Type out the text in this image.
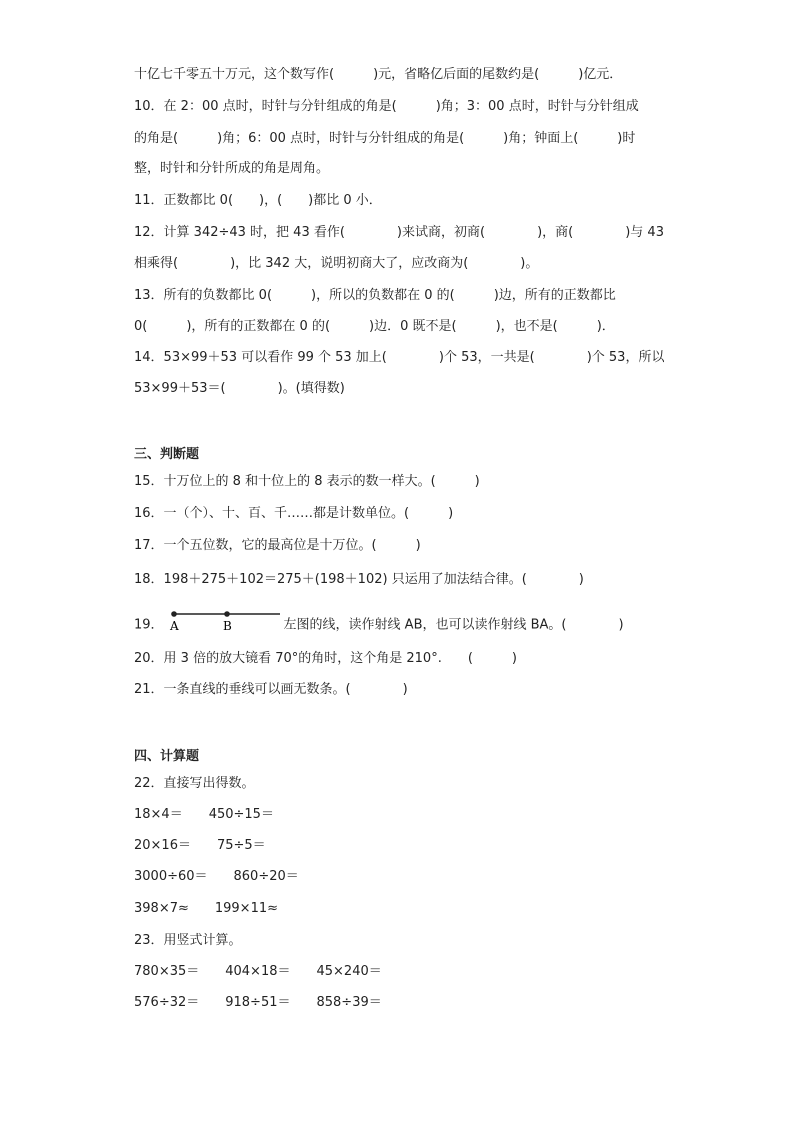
十亿七千零五十万元，这个数写作(　　　)元，省略亿后面的尾数约是(　　　)亿元．
10．在 2：00 点时，时针与分针组成的角是(　　　)角；3：00 点时，时针与分针组成
的角是(　　　)角；6：00 点时，时针与分针组成的角是(　　　)角；钟面上(　　　)时
整，时针和分针所成的角是周角。
11．正数都比 0(　　)，(　　)都比 0 小．
12．计算 342÷43 时，把 43 看作(　　　　)来试商，初商(　　　　)，商(　　　　)与 43
相乘得(　　　　)，比 342 大，说明初商大了，应改商为(　　　　)。
13．所有的负数都比 0(　　　)，所以的负数都在 0 的(　　　)边，所有的正数都比
0(　　　)，所有的正数都在 0 的(　　　)边．0 既不是(　　　)，也不是(　　　)．
14．53×99＋53 可以看作 99 个 53 加上(　　　　)个 53，一共是(　　　　)个 53，所以
53×99＋53＝(　　　　)。(填得数)
三、判断题
15．十万位上的 8 和十位上的 8 表示的数一样大。(　　　)
16．一（个）、十、百、千……都是计数单位。(　　　)
17．一个五位数，它的最高位是十万位。(　　　)
18．198＋275＋102＝275＋(198＋102) 只运用了加法结合律。(　　　　)
19． A	B	左图的线，读作射线 AB，也可以读作射线 BA。(　　　　)
20．用 3 倍的放大镜看 70°的角时，这个角是 210°.　　(　　　)
21．一条直线的垂线可以画无数条。(　　　　)
四、计算题
22．直接写出得数。
18×4＝　　450÷15＝
20×16＝　　75÷5＝
3000÷60＝　　860÷20＝
398×7≈　　199×11≈
23．用竖式计算。
780×35＝　　404×18＝　　45×240＝
576÷32＝　　918÷51＝　　858÷39＝
